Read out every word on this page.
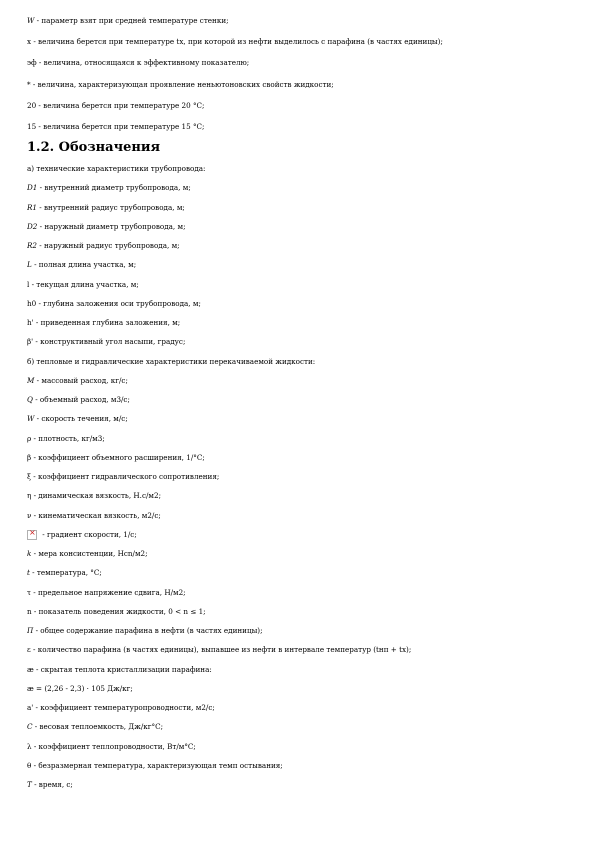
W - параметр взят при средней температуре стенки;
x - величина берется при температуре tx, при которой из нефти выделилось с парафина (в частях единицы);
эф - величина, относящаяся к эффективному показателю;
* - величина, характеризующая проявление неньютоновских свойств жидкости;
20 - величина берется при температуре 20 °С;
15 - величина берется при температуре 15 °С;
1.2. Обозначения
а) технические характеристики трубопровода:
D1 - внутренний диаметр трубопровода, м;
R1 - внутренний радиус трубопровода, м;
D2 - наружный диаметр трубопровода, м;
R2 - наружный радиус трубопровода, м;
L - полная длина участка, м;
l - текущая длина участка, м;
h0 - глубина заложения оси трубопровода, м;
h' - приведенная глубина заложения, м;
β' - конструктивный угол насыпи, градус;
б) тепловые и гидравлические характеристики перекачиваемой жидкости:
M - массовый расход, кг/с;
Q - объемный расход, м3/с;
W - скорость течения, м/с;
ρ - плотность, кг/м3;
β - коэффициент объемного расширения, 1/°С;
ξ - коэффициент гидравлического сопротивления;
η - динамическая вязкость, Н.с/м2;
ν - кинематическая вязкость, м2/с;
× - градиент скорости, 1/с;
k - мера консистенции, Нсn/м2;
t - температура, °С;
τ - предельное напряжение сдвига, Н/м2;
n - показатель поведения жидкости, 0 < n ≤ 1;
П - общее содержание парафина в нефти (в частях единицы);
ε - количество парафина (в частях единицы), выпавшее из нефти в интервале температур (tнп + tx);
æ - скрытая теплота кристаллизации парафина:
æ = (2,26 - 2,3) · 105 Дж/кг;
a' - коэффициент температуропроводности, м2/с;
C - весовая теплоемкость, Дж/кг°С;
λ - коэффициент теплопроводности, Вт/м°С;
θ - безразмерная температура, характеризующая темп остывания;
T - время, с;
